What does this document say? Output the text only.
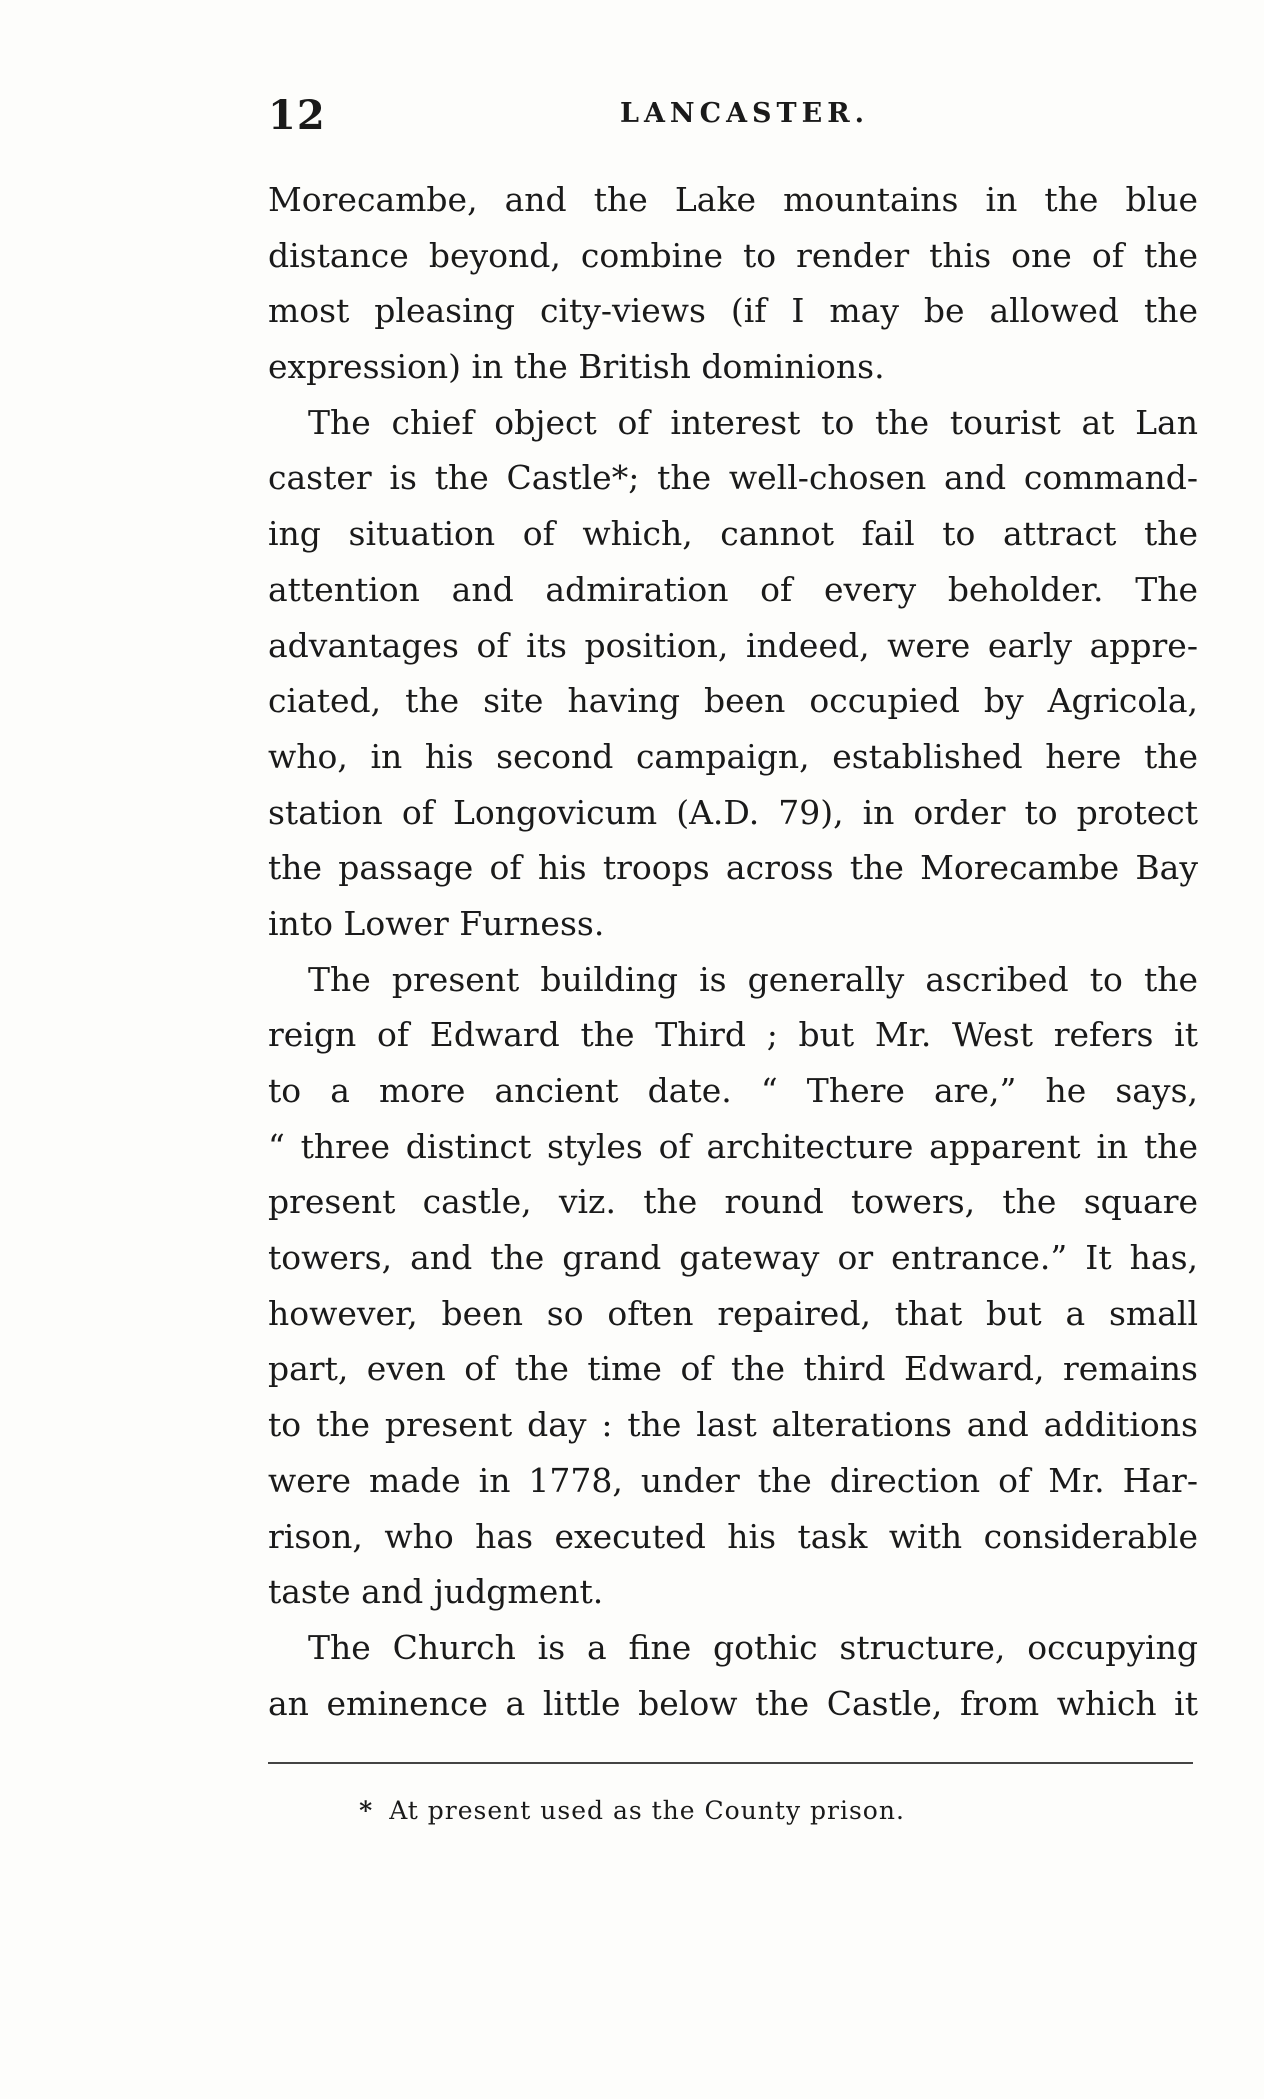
12	LANCASTER.
Morecambe, and the Lake mountains in the blue
distance beyond, combine to render this one of the
most pleasing city-views (if I may be allowed the
expression) in the British dominions.
The chief object of interest to the tourist at Lan
caster is the Castle*; the well-chosen and command-
ing situation of which, cannot fail to attract the
attention and admiration of every beholder. The
advantages of its position, indeed, were early appre-
ciated, the site having been occupied by Agricola,
who, in his second campaign, established here the
station of Longovicum (A.D. 79), in order to protect
the passage of his troops across the Morecambe Bay
into Lower Furness.
The present building is generally ascribed to the
reign of Edward the Third ; but Mr. West refers it
to a more ancient date. “ There are,” he says,
“ three distinct styles of architecture apparent in the
present castle, viz. the round towers, the square
towers, and the grand gateway or entrance.” It has,
however, been so often repaired, that but a small
part, even of the time of the third Edward, remains
to the present day : the last alterations and additions
were made in 1778, under the direction of Mr. Har-
rison, who has executed his task with considerable
taste and judgment.
The Church is a fine gothic structure, occupying
an eminence a little below the Castle, from which it
* At present used as the County prison.
